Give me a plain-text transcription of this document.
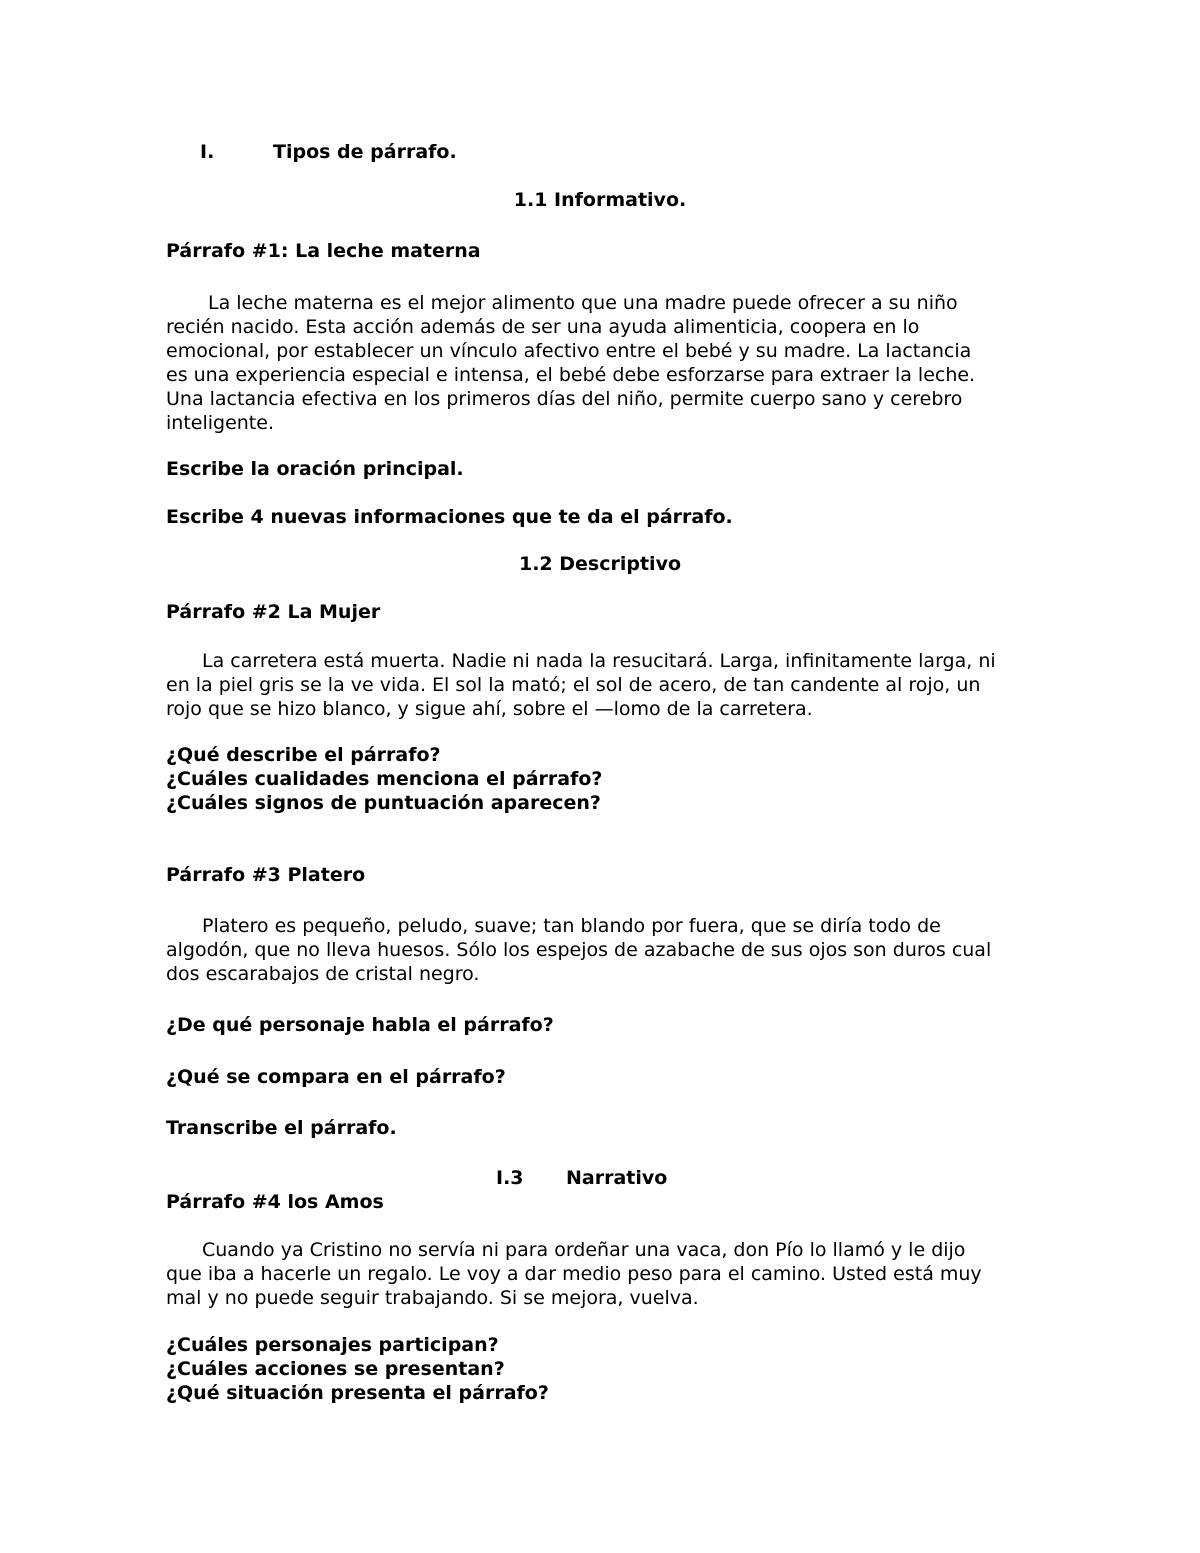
I.	Tipos de párrafo.

1.1 Informativo.

Párrafo #1: La leche materna

La leche materna es el mejor alimento que una madre puede ofrecer a su niño
recién nacido. Esta acción además de ser una ayuda alimenticia, coopera en lo
emocional, por establecer un vínculo afectivo entre el bebé y su madre. La lactancia
es una experiencia especial e intensa, el bebé debe esforzarse para extraer la leche.
Una lactancia efectiva en los primeros días del niño, permite cuerpo sano y cerebro
inteligente.

Escribe la oración principal.

Escribe 4 nuevas informaciones que te da el párrafo.

1.2 Descriptivo

Párrafo #2 La Mujer

La carretera está muerta. Nadie ni nada la resucitará. Larga, infinitamente larga, ni
en la piel gris se la ve vida. El sol la mató; el sol de acero, de tan candente al rojo, un
rojo que se hizo blanco, y sigue ahí, sobre el —lomo de la carretera.
¿Qué describe el párrafo?
¿Cuáles cualidades menciona el párrafo?
¿Cuáles signos de puntuación aparecen?

Párrafo #3 Platero

Platero es pequeño, peludo, suave; tan blando por fuera, que se diría todo de
algodón, que no lleva huesos. Sólo los espejos de azabache de sus ojos son duros cual
dos escarabajos de cristal negro.

¿De qué personaje habla el párrafo?

¿Qué se compara en el párrafo?

Transcribe el párrafo.

I.3 Narrativo

Párrafo #4 los Amos

Cuando ya Cristino no servía ni para ordeñar una vaca, don Pío lo llamó y le dijo
que iba a hacerle un regalo. Le voy a dar medio peso para el camino. Usted está muy
mal y no puede seguir trabajando. Si se mejora, vuelva.
¿Cuáles personajes participan?
¿Cuáles acciones se presentan?
¿Qué situación presenta el párrafo?
